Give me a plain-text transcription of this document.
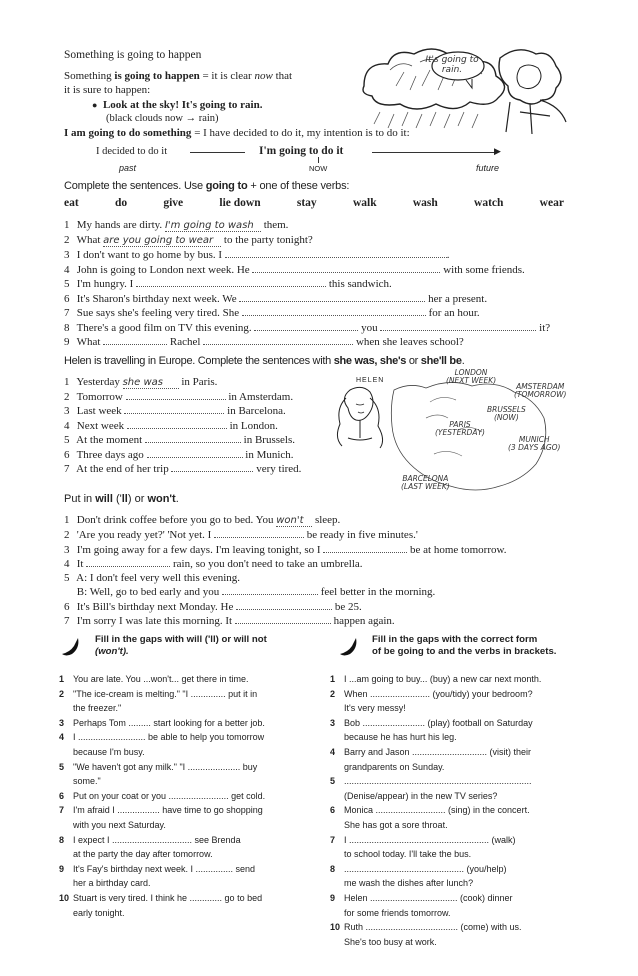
Something is going to happen
Something is going to happen = it is clear now that
it is sure to happen:
● Look at the sky! It's going to rain.
(black clouds now → rain)
I am going to do something = I have decided to do it, my intention is to do it:
I decided to do it	I'm going to do it	▶
past	NOW	future
It's going to rain.
Complete the sentences. Use going to + one of these verbs:
eat	do	give	lie down	stay	walk	wash	watch	wear
1 My hands are dirty. I'm going to wash them.
2 What are you going to wear to the party tonight?
3 I don't want to go home by bus. I	.
4 John is going to London next week. He	with some friends.
5 I'm hungry. I	this sandwich.
6 It's Sharon's birthday next week. We	her a present.
7 Sue says she's feeling very tired. She	for an hour.
8 There's a good film on TV this evening.	you	it?
9 What	Rachel	when she leaves school?
Helen is travelling in Europe. Complete the sentences with she was, she's or she'll be.
1 Yesterday she was in Paris.
2 Tomorrow	in Amsterdam.
3 Last week	in Barcelona.
4 Next week	in London.
5 At the moment	in Brussels.
6 Three days ago	in Munich.
7 At the end of her trip	very tired.
HELEN
LONDON
(NEXT WEEK)
AMSTERDAM
(TOMORROW)
BRUSSELS
(NOW)
PARIS
(YESTERDAY)
MUNICH
(3 DAYS AGO)
BARCELONA
(LAST WEEK)
Put in will ('ll) or won't.
1 Don't drink coffee before you go to bed. You won't sleep.
2 'Are you ready yet?' 'Not yet. I	be ready in five minutes.'
3 I'm going away for a few days. I'm leaving tonight, so I	be at home tomorrow.
4 It	rain, so you don't need to take an umbrella.
5 A: I don't feel very well this evening.
B: Well, go to bed early and you	feel better in the morning.
6 It's Bill's birthday next Monday. He	be 25.
7 I'm sorry I was late this morning. It	happen again.
Fill in the gaps with will ('ll) or will not
(won't).
1 You are late. You ...won't... get there in time.
2 "The ice-cream is melting." "I .............. put it in
the freezer."
3 Perhaps Tom ......... start looking for a better job.
4 I ........................... be able to help you tomorrow
because I'm busy.
5 "We haven't got any milk." "I ..................... buy
some."
6 Put on your coat or you ........................ get cold.
7 I'm afraid I ................. have time to go shopping
with you next Saturday.
8 I expect I ................................ see Brenda
at the party the day after tomorrow.
9 It's Fay's birthday next week. I ............... send
her a birthday card.
10 Stuart is very tired. I think he ............. go to bed
early tonight.
Fill in the gaps with the correct form
of be going to and the verbs in brackets.
1 I ...am going to buy... (buy) a new car next month.
2 When ........................ (you/tidy) your bedroom?
It's very messy!
3 Bob ......................... (play) football on Saturday
because he has hurt his leg.
4 Barry and Jason .............................. (visit) their
grandparents on Sunday.
5 ...........................................................................
(Denise/appear) in the new TV series?
6 Monica ............................ (sing) in the concert.
She has got a sore throat.
7 I ........................................................ (walk)
to school today. I'll take the bus.
8 ................................................ (you/help)
me wash the dishes after lunch?
9 Helen ................................... (cook) dinner
for some friends tomorrow.
10 Ruth ..................................... (come) with us.
She's too busy at work.
